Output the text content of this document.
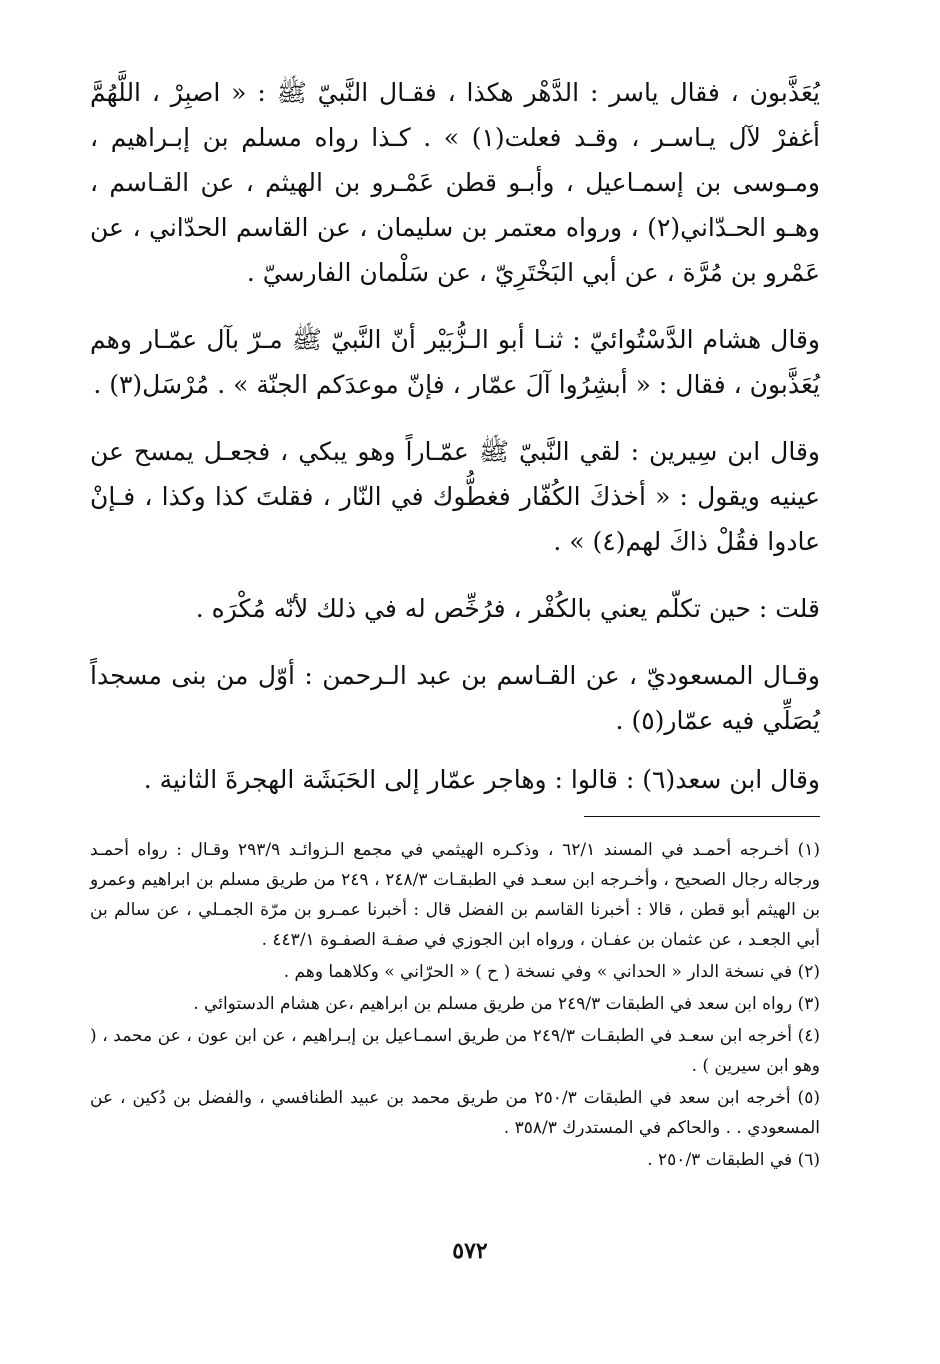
يُعَذَّبون ، فقال ياسر : الدَّهْر هكذا ، فقـال النَّبيّ ﷺ : « اصبِرْ ، اللَّهُمَّ أغفرْ لآل يـاسـر ، وقـد فعلت(١) » . كـذا رواه مسلم بن إبـراهيم ، ومـوسى بن إسمـاعيل ، وأبـو قطن عَمْـرو بن الهيثم ، عن القـاسم ، وهـو الحـدّاني(٢) ، ورواه معتمر بن سليمان ، عن القاسم الحدّاني ، عن عَمْرو بن مُرَّة ، عن أبي البَخْتَرِيّ ، عن سَلْمان الفارسيّ .

وقال هشام الدَّسْتُوائيّ : ثنـا أبو الـزُّبَيْر أنّ النَّبيّ ﷺ مـرّ بآل عمّـار وهم يُعَذَّبون ، فقال : « أبشِرُوا آلَ عمّار ، فإنّ موعدَكم الجنّة » . مُرْسَل(٣) .

وقال ابن سِيرين : لقي النَّبيّ ﷺ عمّـاراً وهو يبكي ، فجعـل يمسح عن عينيه ويقول : « أخذكَ الكُفّار فغطُّوك في النّار ، فقلتَ كذا وكذا ، فـإنْ عادوا فقُلْ ذاكَ لهم(٤) » .

قلت : حين تكلّم يعني بالكُفْر ، فرُخِّص له في ذلك لأنّه مُكْرَه .

وقـال المسعوديّ ، عن القـاسم بن عبد الـرحمن : أوّل من بنى مسجداً يُصَلِّي فيه عمّار(٥) .

وقال ابن سعد(٦) : قالوا : وهاجر عمّار إلى الحَبَشَة الهجرةَ الثانية .

(١) أخـرجه أحمـد في المسند ٦٢/١ ، وذكـره الهيثمي في مجمع الـزوائـد ٢٩٣/٩ وقـال : رواه أحمـد ورجاله رجال الصحيح ، وأخـرجه ابن سعـد في الطبقـات ٢٤٨/٣ ، ٢٤٩ من طريق مسلم بن ابراهيم وعمرو بن الهيثم أبو قطن ، قالا : أخبرنا القاسم بن الفضل قال : أخبرنا عمـرو بن مرّة الجمـلي ، عن سالم بن أبي الجعـد ، عن عثمان بن عفـان ، ورواه ابن الجوزي في صفـة الصفـوة ٤٤٣/١ .

(٢) في نسخة الدار « الحداني » وفي نسخة ( ح ) « الحرّاني » وكلاهما وهم .

(٣) رواه ابن سعد في الطبقات ٢٤٩/٣ من طريق مسلم بن ابراهيم ،عن هشام الدستوائي .

(٤) أخرجه ابن سعـد في الطبقـات ٢٤٩/٣ من طريق اسمـاعيل بن إبـراهيم ، عن ابن عون ، عن محمد ، ( وهو ابن سيرين ) .

(٥) أخرجه ابن سعد في الطبقات ٢٥٠/٣ من طريق محمد بن عبيد الطنافسي ، والفضل بن دُكين ، عن المسعودي . . والحاكم في المستدرك ٣٥٨/٣ .

(٦) في الطبقات ٢٥٠/٣ .

٥٧٢
